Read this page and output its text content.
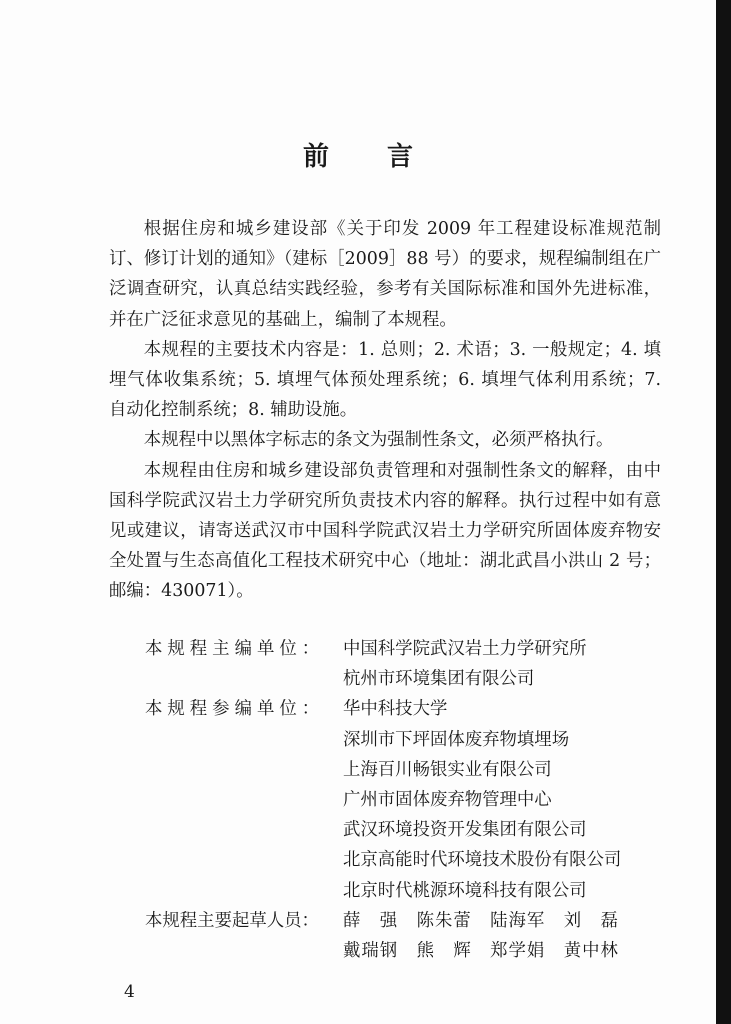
前 言

根据住房和城乡建设部《关于印发 2009 年工程建设标准规范制订、修订计划的通知》（建标［2009］88 号）的要求，规程编制组在广泛调查研究，认真总结实践经验，参考有关国际标准和国外先进标准，并在广泛征求意见的基础上，编制了本规程。

本规程的主要技术内容是：1. 总则；2. 术语；3. 一般规定；4. 填埋气体收集系统；5. 填埋气体预处理系统；6. 填埋气体利用系统；7. 自动化控制系统；8. 辅助设施。

本规程中以黑体字标志的条文为强制性条文，必须严格执行。

本规程由住房和城乡建设部负责管理和对强制性条文的解释，由中国科学院武汉岩土力学研究所负责技术内容的解释。执行过程中如有意见或建议，请寄送武汉市中国科学院武汉岩土力学研究所固体废弃物安全处置与生态高值化工程技术研究中心（地址：湖北武昌小洪山 2 号；邮编：430071）。

本规程主编单位：	中国科学院武汉岩土力学研究所
杭州市环境集团有限公司
本规程参编单位：	华中科技大学
深圳市下坪固体废弃物填埋场
上海百川畅银实业有限公司
广州市固体废弃物管理中心
武汉环境投资开发集团有限公司
北京高能时代环境技术股份有限公司
北京时代桃源环境科技有限公司
本规程主要起草人员：	薛　强　陈朱蕾　陆海军　刘　磊
戴瑞钢　熊　辉　郑学娟　黄中林

4
